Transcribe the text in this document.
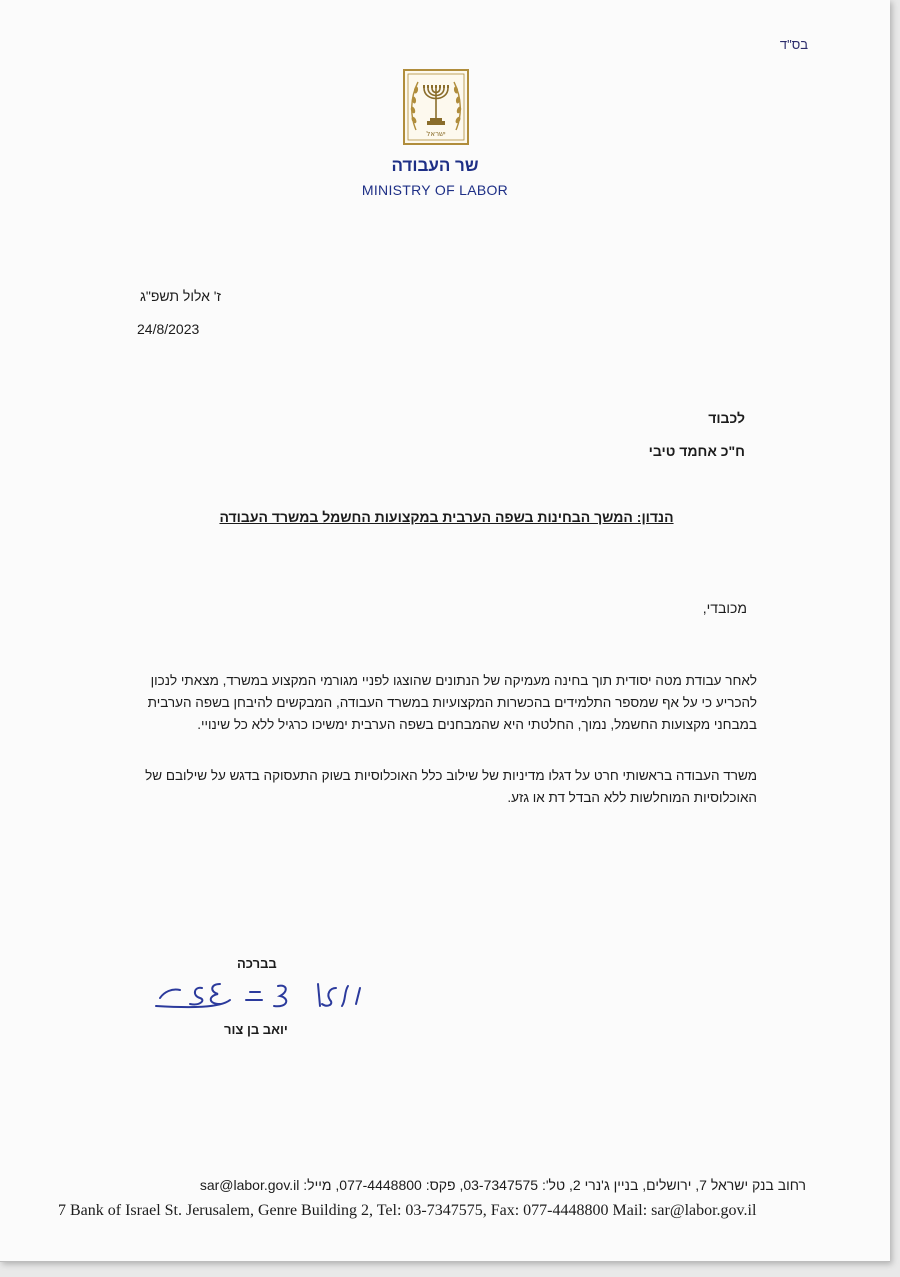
בס"ד
ישראל
שר העבודה
MINISTRY OF LABOR
ז' אלול תשפ"ג
24/8/2023
לכבוד
ח"כ אחמד טיבי
הנדון: המשך הבחינות בשפה הערבית במקצועות החשמל במשרד העבודה
מכובדי,
לאחר עבודת מטה יסודית תוך בחינה מעמיקה של הנתונים שהוצגו לפניי מגורמי המקצוע במשרד, מצאתי לנכון להכריע כי על אף שמספר התלמידים בהכשרות המקצועיות במשרד העבודה, המבקשים להיבחן בשפה הערבית במבחני מקצועות החשמל, נמוך, החלטתי היא שהמבחנים בשפה הערבית ימשיכו כרגיל ללא כל שינויי.
משרד העבודה בראשותי חרט על דגלו מדיניות של שילוב כלל האוכלוסיות בשוק התעסוקה בדגש על שילובם של האוכלוסיות המוחלשות ללא הבדל דת או גזע.
בברכה
יואב בן צור
רחוב בנק ישראל 7, ירושלים, בניין ג'נרי 2, טל': 03-7347575, פקס: 077-4448800, מייל: sar@labor.gov.il
7 Bank of Israel St. Jerusalem, Genre Building 2, Tel: 03-7347575, Fax: 077-4448800 Mail: sar@labor.gov.il
